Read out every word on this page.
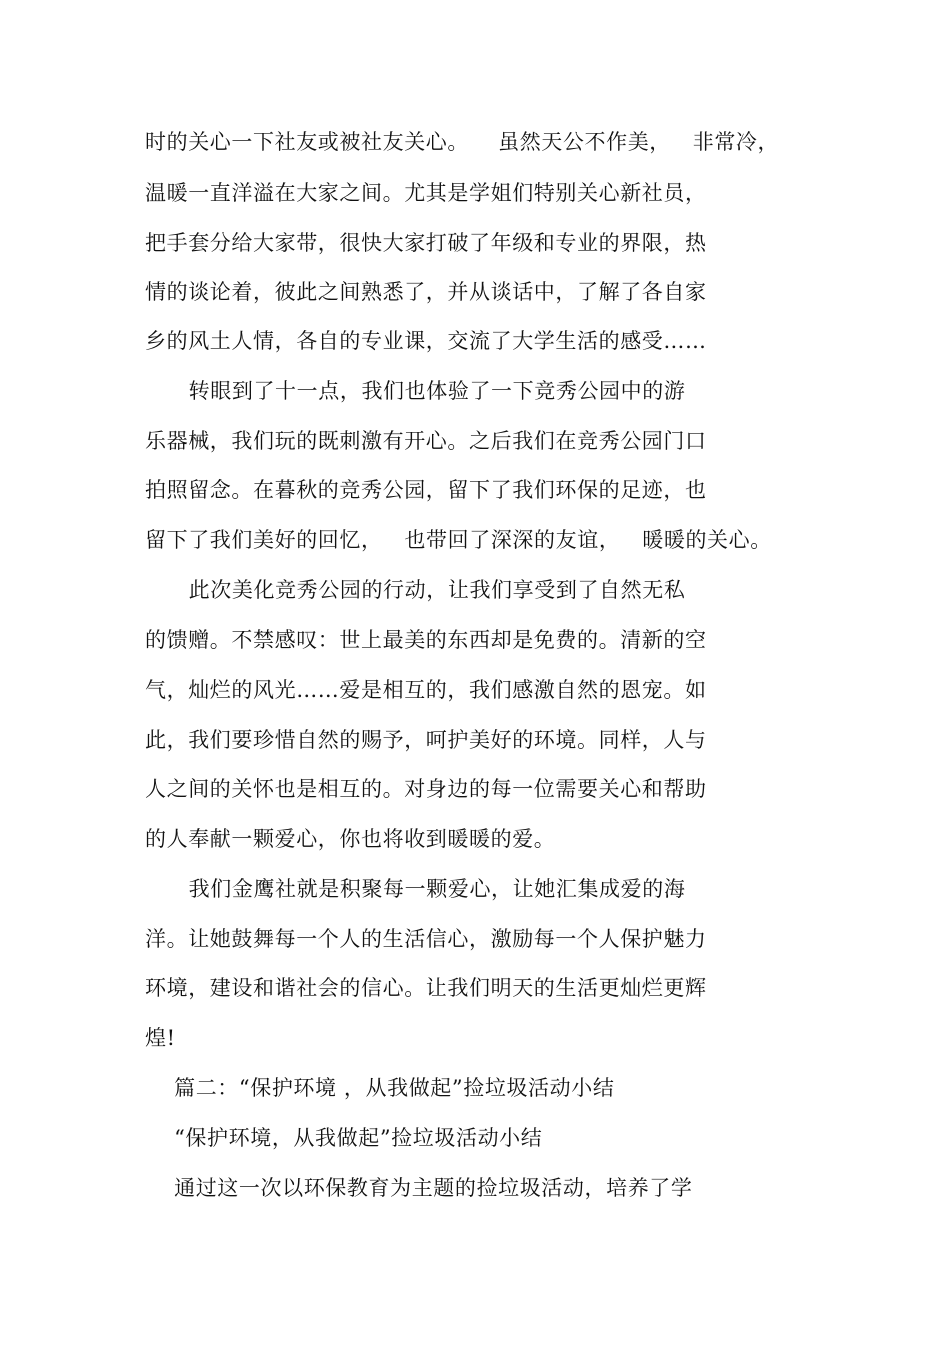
时的关心一下社友或被社友关心。    虽然天公不作美，   非常冷，
温暖一直洋溢在大家之间。尤其是学姐们特别关心新社员，
把手套分给大家带，很快大家打破了年级和专业的界限，热
情的谈论着，彼此之间熟悉了，并从谈话中，了解了各自家
乡的风土人情，各自的专业课，交流了大学生活的感受……
转眼到了十一点，我们也体验了一下竞秀公园中的游
乐器械，我们玩的既刺激有开心。之后我们在竞秀公园门口
拍照留念。在暮秋的竞秀公园，留下了我们环保的足迹，也
留下了我们美好的回忆，   也带回了深深的友谊，   暖暖的关心。
此次美化竞秀公园的行动，让我们享受到了自然无私
的馈赠。不禁感叹：世上最美的东西却是免费的。清新的空
气，灿烂的风光……爱是相互的，我们感激自然的恩宠。如
此，我们要珍惜自然的赐予，呵护美好的环境。同样，人与
人之间的关怀也是相互的。对身边的每一位需要关心和帮助
的人奉献一颗爱心，你也将收到暖暖的爱。
我们金鹰社就是积聚每一颗爱心，让她汇集成爱的海
洋。让她鼓舞每一个人的生活信心，激励每一个人保护魅力
环境，建设和谐社会的信心。让我们明天的生活更灿烂更辉
煌!
篇二：“保护环境 ，从我做起”捡垃圾活动小结
“保护环境，从我做起”捡垃圾活动小结
通过这一次以环保教育为主题的捡垃圾活动，培养了学
